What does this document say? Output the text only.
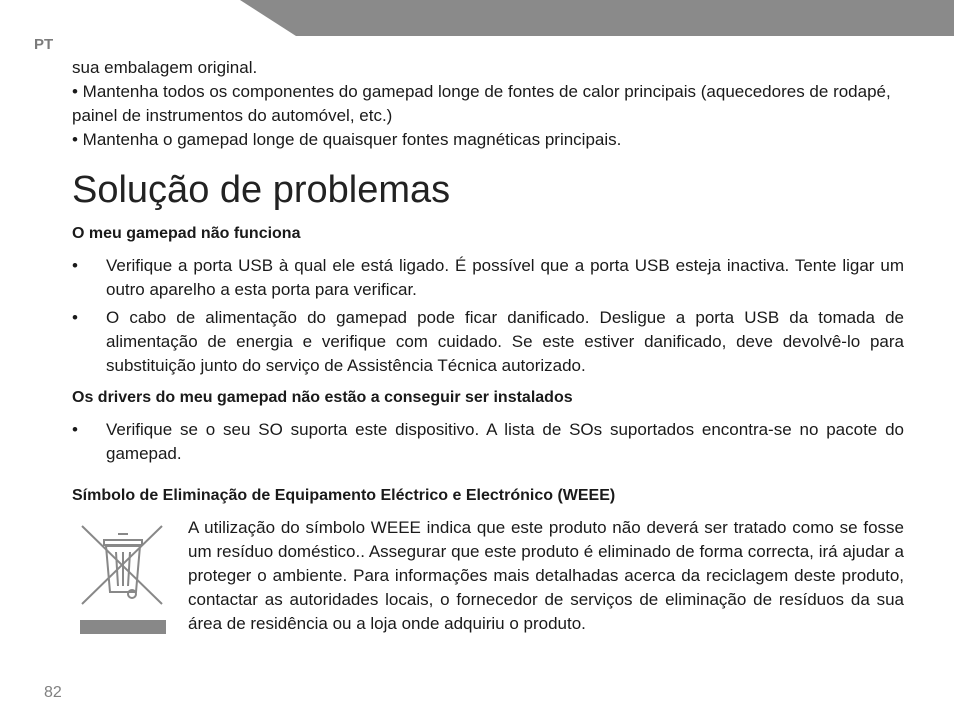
PT

sua embalagem original.

• Mantenha todos os componentes do gamepad longe de fontes de calor principais (aquecedores de rodapé, painel de instrumentos do automóvel, etc.)

• Mantenha o gamepad longe de quaisquer fontes magnéticas principais.

Solução de problemas
O meu gamepad não funciona
• Verifique a porta USB à qual ele está ligado. É possível que a porta USB esteja inactiva. Tente ligar um outro aparelho a esta porta para verificar.
• O cabo de alimentação do gamepad pode ficar danificado. Desligue a porta USB da tomada de alimentação de energia e verifique com cuidado. Se este estiver danificado, deve devolvê-lo para substituição junto do serviço de Assistência Técnica autorizado.
Os drivers do meu gamepad não estão a conseguir ser instalados
• Verifique se o seu SO suporta este dispositivo. A lista de SOs suportados encontra-se no pacote do gamepad.
Símbolo de Eliminação de Equipamento Eléctrico e Electrónico (WEEE)

A utilização do símbolo WEEE indica que este produto não deverá ser tratado como se fosse um resíduo doméstico.. Assegurar que este produto é eliminado de forma correcta, irá ajudar a proteger o ambiente. Para informações mais detalhadas acerca da reciclagem deste produto, contactar as autoridades locais, o fornecedor de serviços de eliminação de resíduos da sua área de residência ou a loja onde adquiriu o produto.

82
